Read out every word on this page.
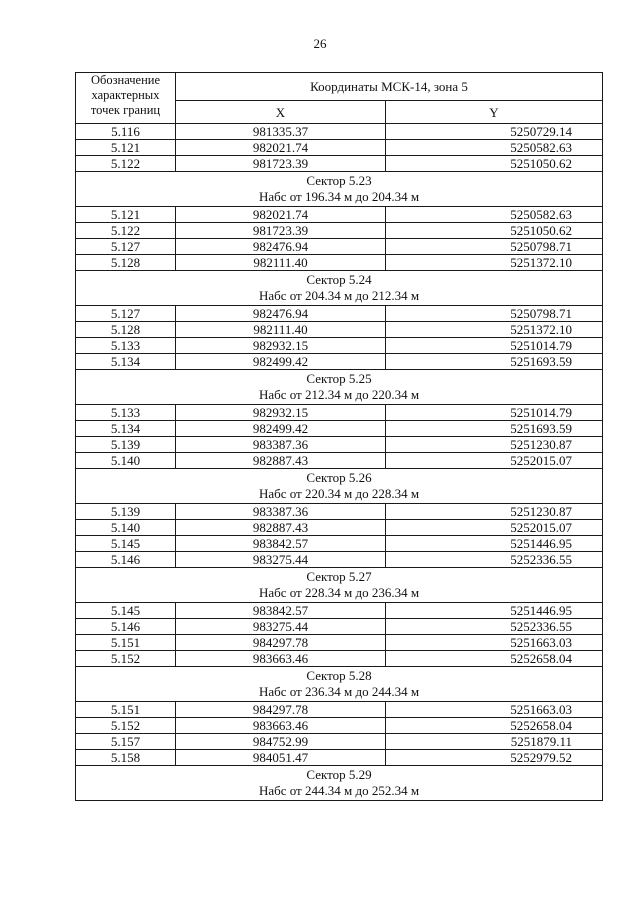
26
Обозначение характерных точек границ	Координаты МСК-14, зона 5	
	X	Y
5.116	981335.37	5250729.14
5.121	982021.74	5250582.63
5.122	981723.39	5251050.62

Сектор 5.23
Набс от 196.34 м до 204.34 м		

5.121	982021.74	5250582.63
5.122	981723.39	5251050.62
5.127	982476.94	5250798.71
5.128	982111.40	5251372.10

Сектор 5.24
Набс от 204.34 м до 212.34 м		

5.127	982476.94	5250798.71
5.128	982111.40	5251372.10
5.133	982932.15	5251014.79
5.134	982499.42	5251693.59

Сектор 5.25
Набс от 212.34 м до 220.34 м		

5.133	982932.15	5251014.79
5.134	982499.42	5251693.59
5.139	983387.36	5251230.87
5.140	982887.43	5252015.07

Сектор 5.26
Набс от 220.34 м до 228.34 м		

5.139	983387.36	5251230.87
5.140	982887.43	5252015.07
5.145	983842.57	5251446.95
5.146	983275.44	5252336.55

Сектор 5.27
Набс от 228.34 м до 236.34 м		

5.145	983842.57	5251446.95
5.146	983275.44	5252336.55
5.151	984297.78	5251663.03
5.152	983663.46	5252658.04

Сектор 5.28
Набс от 236.34 м до 244.34 м		

5.151	984297.78	5251663.03
5.152	983663.46	5252658.04
5.157	984752.99	5251879.11
5.158	984051.47	5252979.52

Сектор 5.29
Набс от 244.34 м до 252.34 м		
